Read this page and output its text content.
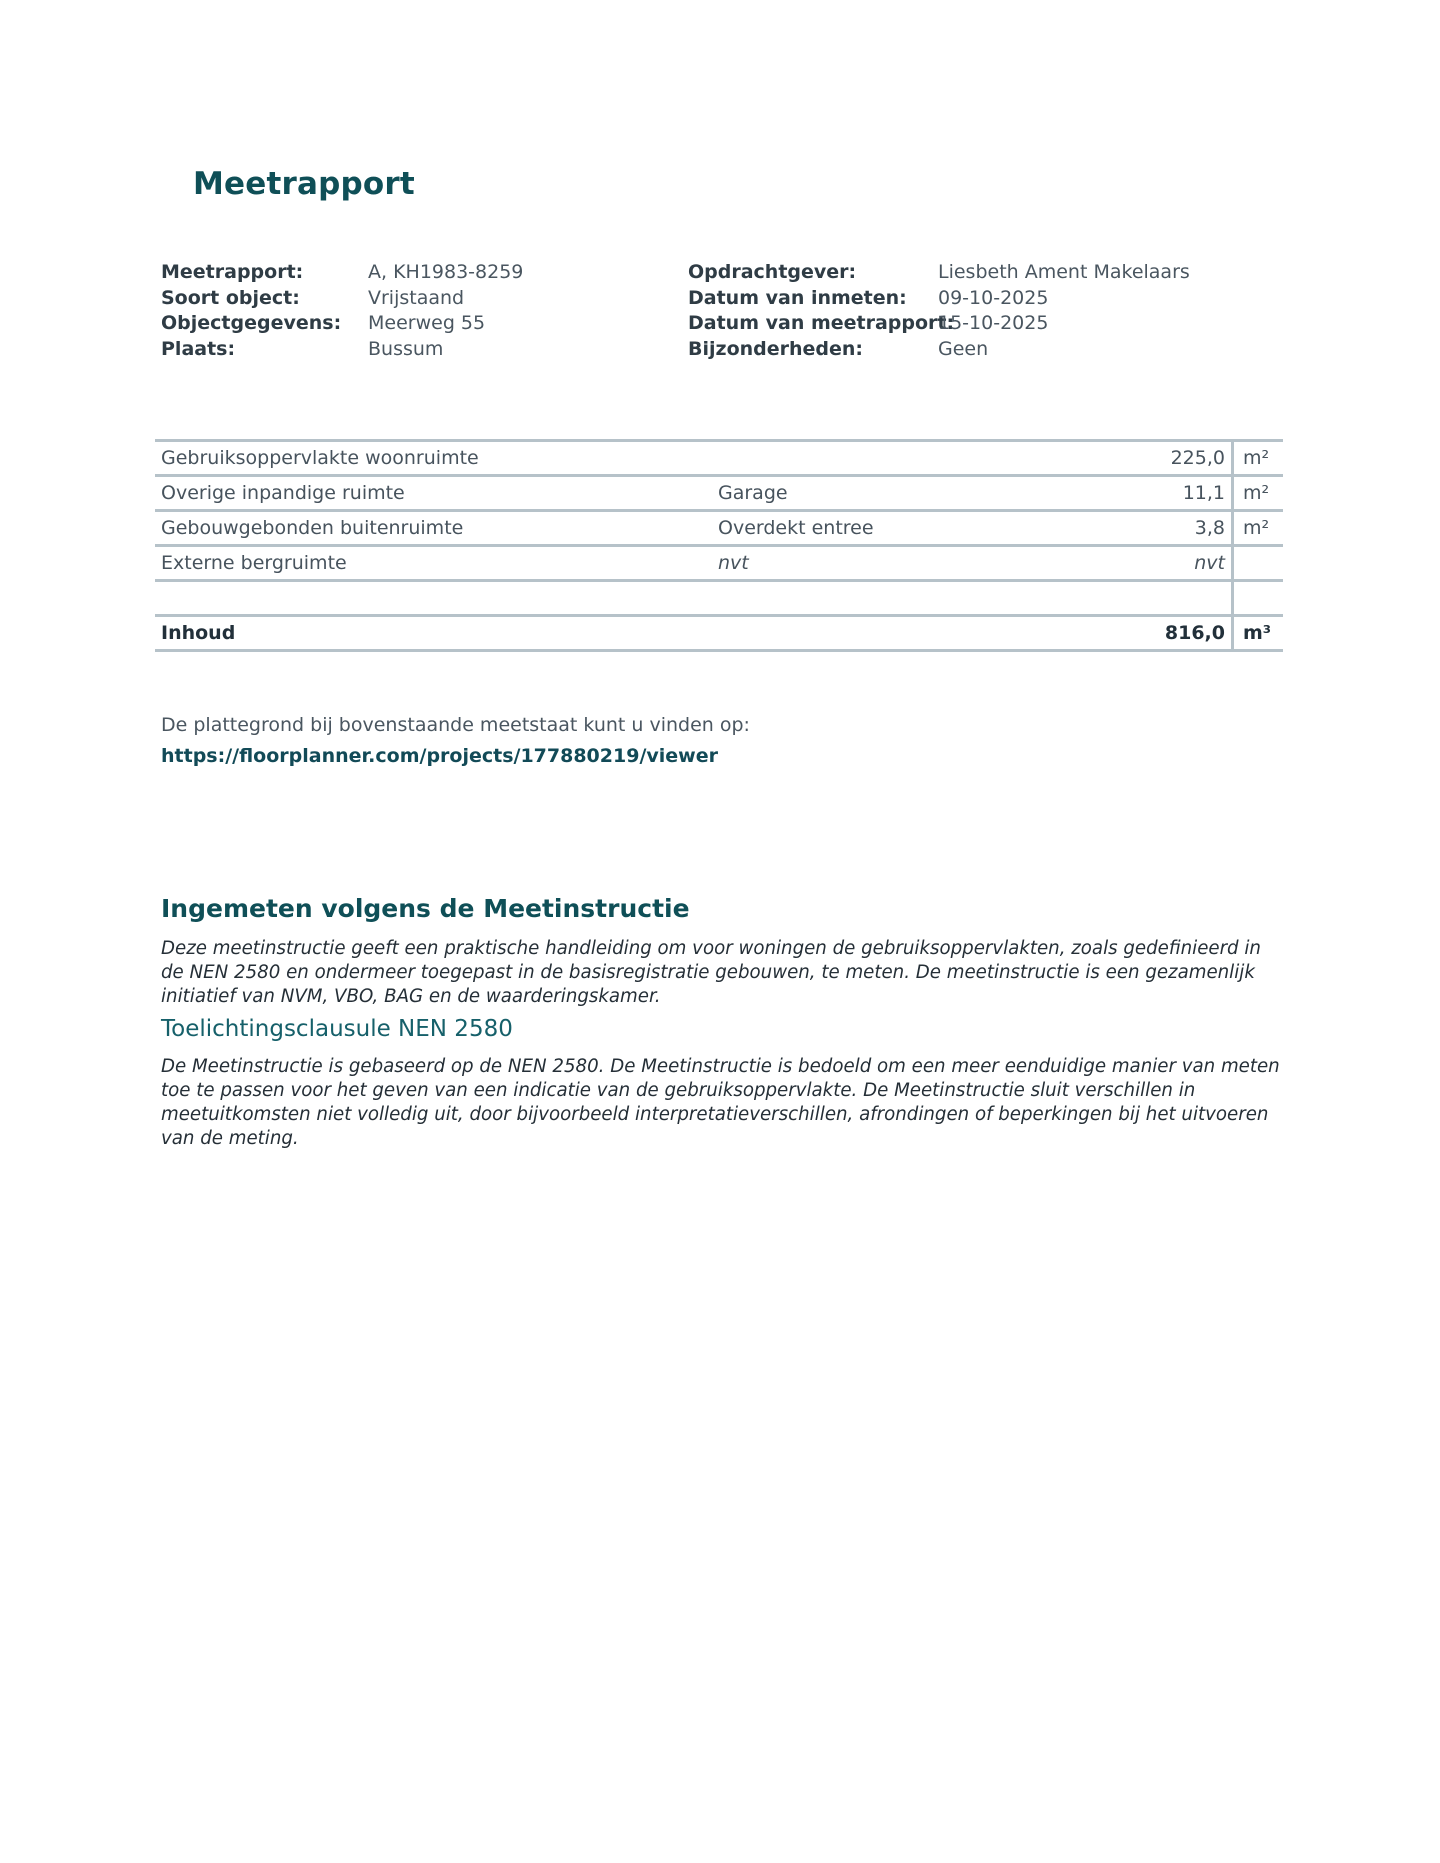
Meetrapport
Meetrapport:	A, KH1983-8259
Soort object:	Vrijstaand
Objectgegevens:	Meerweg 55
Plaats:	Bussum
Opdrachtgever:	Liesbeth Ament Makelaars
Datum van inmeten:	09-10-2025
Datum van meetrapport:
15-10-2025
Bijzonderheden:	Geen
Gebruiksoppervlakte woonruimte		225,0	m²
Overige inpandige ruimte	Garage	11,1	m²
Gebouwgebonden buitenruimte	Overdekt entree	3,8	m²
Externe bergruimte	nvt	nvt	

Inhoud		816,0	m³
De plattegrond bij bovenstaande meetstaat kunt u vinden op:
https://floorplanner.com/projects/177880219/viewer
Ingemeten volgens de Meetinstructie

Deze meetinstructie geeft een praktische handleiding om voor woningen de gebruiksoppervlakten, zoals gedefinieerd in de NEN 2580 en ondermeer toegepast in de basisregistratie gebouwen, te meten. De meetinstructie is een gezamenlijk initiatief van NVM, VBO, BAG en de waarderingskamer.

Toelichtingsclausule NEN 2580

De Meetinstructie is gebaseerd op de NEN 2580. De Meetinstructie is bedoeld om een meer eenduidige manier van meten toe te passen voor het geven van een indicatie van de gebruiksoppervlakte. De Meetinstructie sluit verschillen in meetuitkomsten niet volledig uit, door bijvoorbeeld interpretatieverschillen, afrondingen of beperkingen bij het uitvoeren van de meting.
